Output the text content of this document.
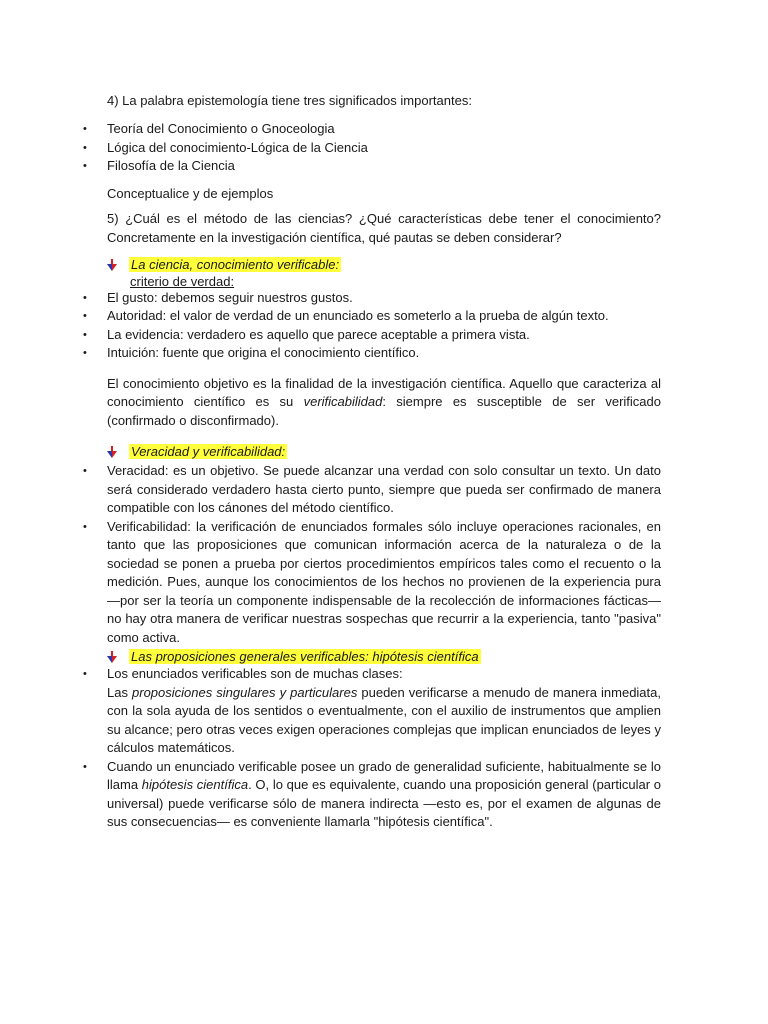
4) La palabra epistemología tiene tres significados importantes:
• Teoría del Conocimiento o Gnoceologia
• Lógica del conocimiento-Lógica de la Ciencia
• Filosofía de la Ciencia
Conceptualice y de ejemplos
5) ¿Cuál es el método de las ciencias? ¿Qué características debe tener el conocimiento? Concretamente en la investigación científica, qué pautas se deben considerar?
La ciencia, conocimiento verificable:
criterio de verdad:
• El gusto: debemos seguir nuestros gustos.
• Autoridad: el valor de verdad de un enunciado es someterlo a la prueba de algún texto.
• La evidencia: verdadero es aquello que parece aceptable a primera vista.
• Intuición: fuente que origina el conocimiento científico.
El conocimiento objetivo es la finalidad de la investigación científica. Aquello que caracteriza al conocimiento científico es su verificabilidad: siempre es susceptible de ser verificado (confirmado o disconfirmado).
Veracidad y verificabilidad:
• Veracidad: es un objetivo. Se puede alcanzar una verdad con solo consultar un texto. Un dato será considerado verdadero hasta cierto punto, siempre que pueda ser confirmado de manera compatible con los cánones del método científico.
• Verificabilidad: la verificación de enunciados formales sólo incluye operaciones racionales, en tanto que las proposiciones que comunican información acerca de la naturaleza o de la sociedad se ponen a prueba por ciertos procedimientos empíricos tales como el recuento o la medición. Pues, aunque los conocimientos de los hechos no provienen de la experiencia pura —por ser la teoría un componente indispensable de la recolección de informaciones fácticas— no hay otra manera de verificar nuestras sospechas que recurrir a la experiencia, tanto "pasiva" como activa.
Las proposiciones generales verificables: hipótesis científica
• Los enunciados verificables son de muchas clases:
Las proposiciones singulares y particulares pueden verificarse a menudo de manera inmediata, con la sola ayuda de los sentidos o eventualmente, con el auxilio de instrumentos que amplien su alcance; pero otras veces exigen operaciones complejas que implican enunciados de leyes y cálculos matemáticos.
• Cuando un enunciado verificable posee un grado de generalidad suficiente, habitualmente se lo llama hipótesis científica. O, lo que es equivalente, cuando una proposición general (particular o universal) puede verificarse sólo de manera indirecta —esto es, por el examen de algunas de sus consecuencias— es conveniente llamarla "hipótesis científica".
